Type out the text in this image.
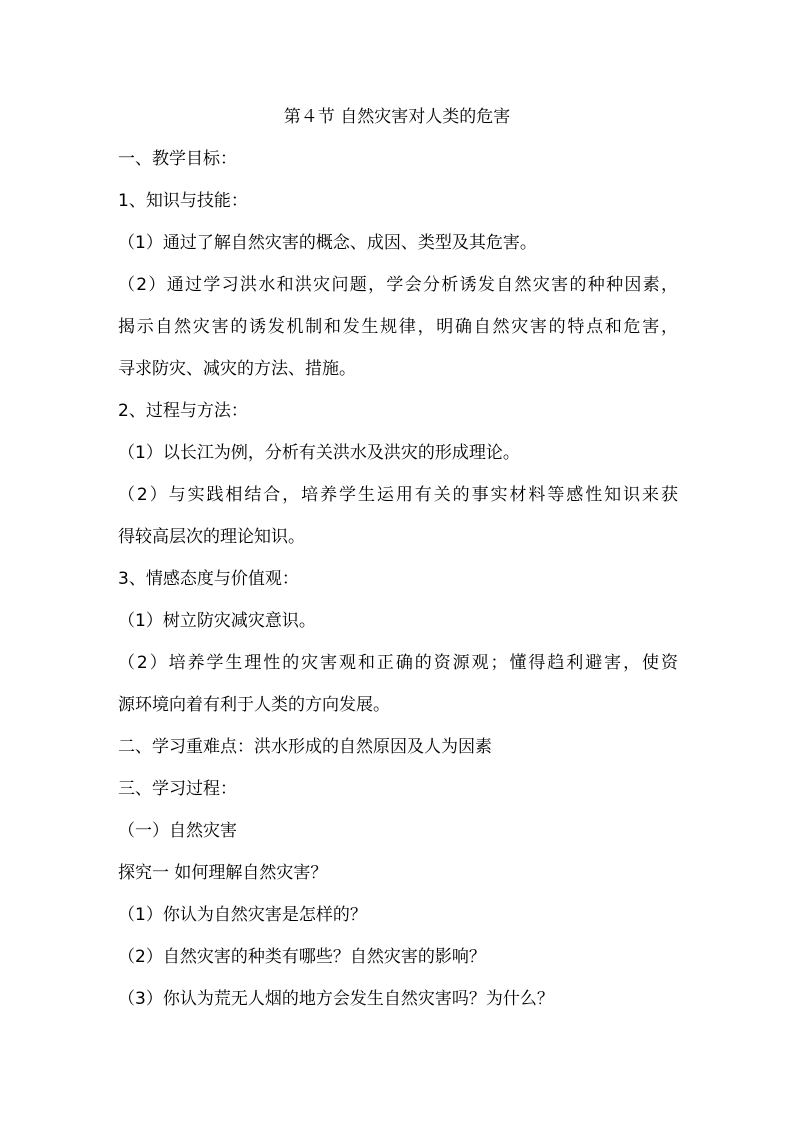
第４节 自然灾害对人类的危害
一、教学目标：
1、知识与技能：
（1）通过了解自然灾害的概念、成因、类型及其危害。
（2）通过学习洪水和洪灾问题，学会分析诱发自然灾害的种种因素，
揭示自然灾害的诱发机制和发生规律，明确自然灾害的特点和危害，
寻求防灾、减灾的方法、措施。
2、过程与方法：
（1）以长江为例，分析有关洪水及洪灾的形成理论。
（2）与实践相结合，培养学生运用有关的事实材料等感性知识来获
得较高层次的理论知识。
3、情感态度与价值观：
（1）树立防灾减灾意识。
（2）培养学生理性的灾害观和正确的资源观；懂得趋利避害，使资
源环境向着有利于人类的方向发展。
二、学习重难点：洪水形成的自然原因及人为因素
三、学习过程：
（一）自然灾害
探究一 如何理解自然灾害？
（1）你认为自然灾害是怎样的？
（2）自然灾害的种类有哪些？自然灾害的影响？
（3）你认为荒无人烟的地方会发生自然灾害吗？为什么？
